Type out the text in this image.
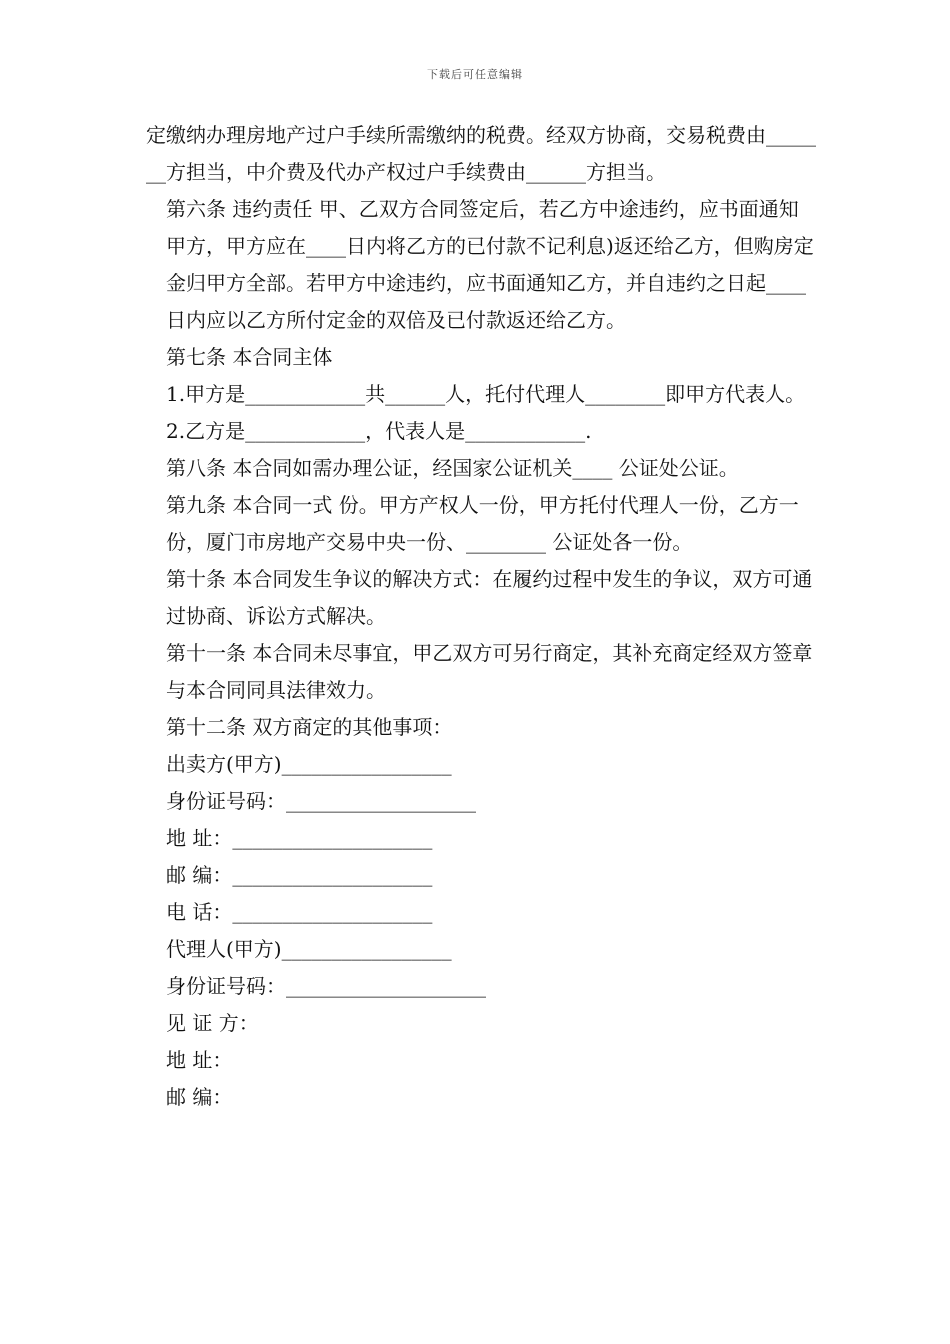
下载后可任意编辑

定缴纳办理房地产过户手续所需缴纳的税费。经双方协商，交易税费由_______方担当，中介费及代办产权过户手续费由______方担当。

第六条 违约责任 甲、乙双方合同签定后，若乙方中途违约，应书面通知甲方，甲方应在____日内将乙方的已付款不记利息)返还给乙方，但购房定金归甲方全部。若甲方中途违约，应书面通知乙方，并自违约之日起____日内应以乙方所付定金的双倍及已付款返还给乙方。

第七条 本合同主体

1.甲方是____________共______人，托付代理人________即甲方代表人。

2.乙方是____________，代表人是____________.

第八条 本合同如需办理公证，经国家公证机关____ 公证处公证。

第九条 本合同一式 份。甲方产权人一份，甲方托付代理人一份，乙方一份，厦门市房地产交易中央一份、________ 公证处各一份。

第十条 本合同发生争议的解决方式：在履约过程中发生的争议，双方可通过协商、诉讼方式解决。

第十一条 本合同未尽事宜，甲乙双方可另行商定，其补充商定经双方签章与本合同同具法律效力。

第十二条 双方商定的其他事项：

出卖方(甲方)_________________

身份证号码：___________________

地 址：____________________

邮 编：____________________

电 话：____________________

代理人(甲方)_________________

身份证号码：____________________

见 证 方：

地 址：

邮 编：
